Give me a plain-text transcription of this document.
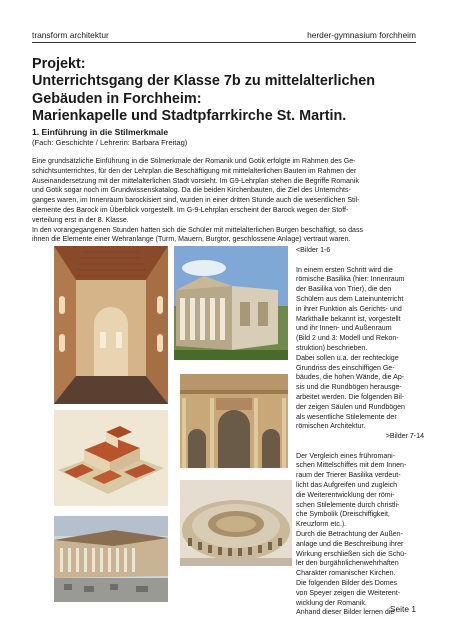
transform architektur	herder-gymnasium forchheim
Projekt:
Unterrichtsgang der Klasse 7b zu mittelalterlichen
Gebäuden in Forchheim:
Marienkapelle und Stadtpfarrkirche St. Martin.
1. Einführung in die Stilmerkmale
(Fach: Geschichte / Lehrerin: Barbara Freitag)

Eine grundsätzliche Einführung in die Stilmerkmale der Romanik und Gotik erfolgte im Rahmen des Ge-

schichtsunterrichtes, für den der Lehrplan die Beschäftigung mit mittelalterlichen Bauten im Rahmen der

Auseinandersetzung mit der mittelalterlichen Stadt vorsieht. Im G9-Lehrplan stehen die Begriffe Romanik

und Gotik sogar noch im Grundwissenskatalog. Da die beiden Kirchenbauten, die Ziel des Unterrichts-

ganges waren, im Innenraum barockisiert sind, wurden in einer dritten Stunde auch die wesentlichen Stil-

elemente des Barock im Überblick vorgestellt. Im G-9-Lehrplan erscheint der Barock wegen der Stoff-

verteilung erst in der 8. Klasse.

In den vorangegangenen Stunden hatten sich die Schüler mit mittelalterlichen Burgen beschäftigt, so dass

ihnen die Elemente einer Wehranlange (Turm, Mauern, Burgtor, geschlossene Anlage) vertraut waren.

<Bilder 1-6

In einem ersten Schritt wird die

römische Basilika (hier: Innenraum

der Basilika von Trier), die den

Schülern aus dem Lateinunterricht

in ihrer Funktion als Gerichts- und

Markthalle bekannt ist, vorgestellt

und ihr Innen- und Außenraum

(Bild 2 und 3: Modell und Rekon-

struktion) beschrieben.

Dabei sollen u.a. der rechteckige

Grundriss des einschiffigen Ge-

bäudes, die hohen Wände, die Ap-

sis und die Rundbögen herausge-

arbeitet werden. Die folgenden Bil-

der zeigen Säulen und Rundbögen

als wesentliche Stilelemente der

römischen Architektur.

>Bilder 7-14

Der Vergleich eines frühromani-

schen Mittelschiffes mit dem Innen-

raum der Trierer Basilika verdeut-

licht das Aufgreifen und zugleich

die Weiterentwicklung der römi-

schen Stilelemente durch christli-

che Symbolik (Dreischiffigkeit,

Kreuzform etc.).

Durch die Betrachtung der Außen-

anlage und die Beschreibung ihrer

Wirkung erschließen sich die Schü-

ler den burgähnlichenwehrhaften

Charakter romanischer Kirchen.

Die folgenden Bilder des Domes

von Speyer zeigen die Weiterent-

wicklung der Romanik.

Anhand dieser Bilder lernen die

Seite 1
